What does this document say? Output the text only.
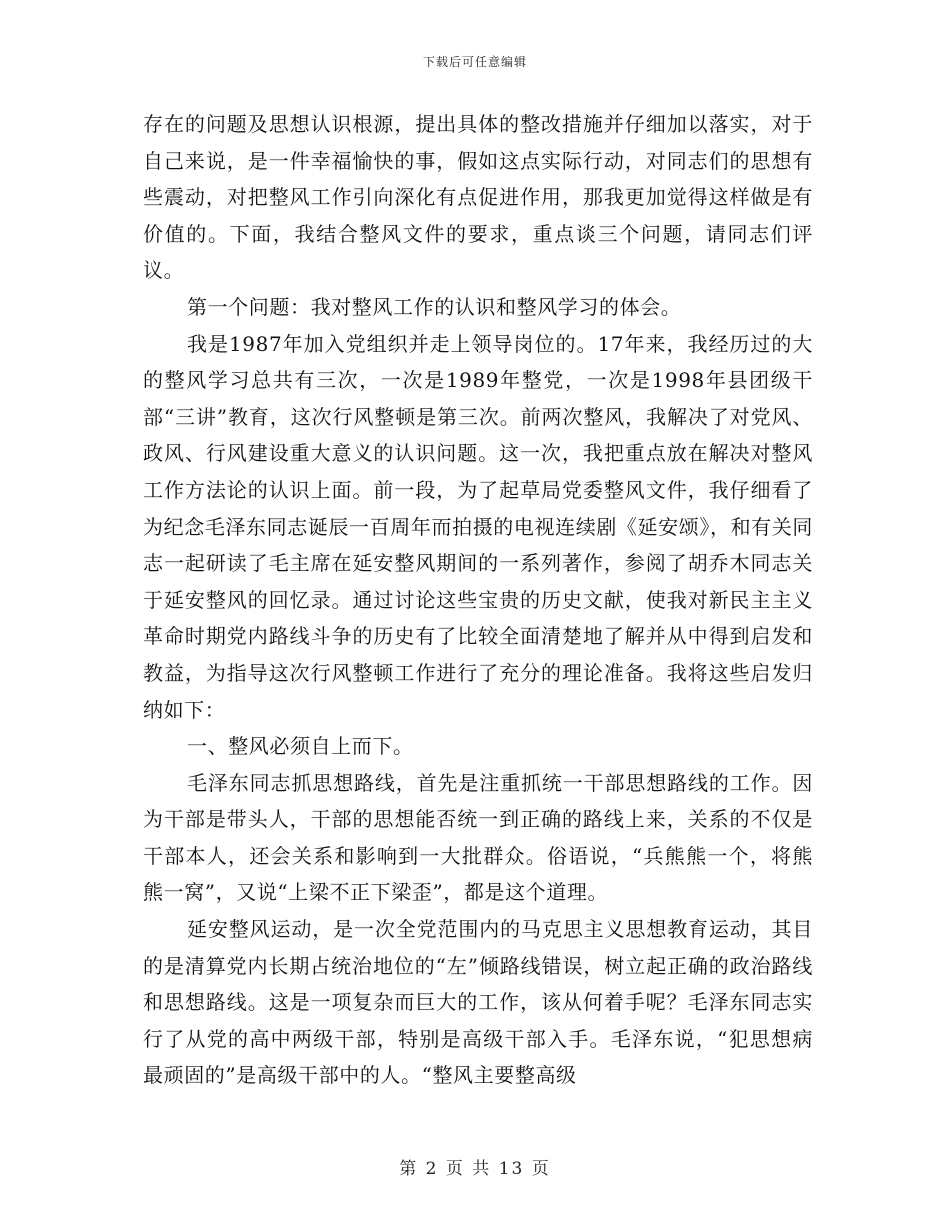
下载后可任意编辑

存在的问题及思想认识根源，提出具体的整改措施并仔细加以落实，对于自己来说，是一件幸福愉快的事，假如这点实际行动，对同志们的思想有些震动，对把整风工作引向深化有点促进作用，那我更加觉得这样做是有价值的。下面，我结合整风文件的要求，重点谈三个问题，请同志们评议。

第一个问题：我对整风工作的认识和整风学习的体会。

我是1987年加入党组织并走上领导岗位的。17年来，我经历过的大的整风学习总共有三次，一次是1989年整党，一次是1998年县团级干部“三讲”教育，这次行风整顿是第三次。前两次整风，我解决了对党风、政风、行风建设重大意义的认识问题。这一次，我把重点放在解决对整风工作方法论的认识上面。前一段，为了起草局党委整风文件，我仔细看了为纪念毛泽东同志诞辰一百周年而拍摄的电视连续剧《延安颂》，和有关同志一起研读了毛主席在延安整风期间的一系列著作，参阅了胡乔木同志关于延安整风的回忆录。通过讨论这些宝贵的历史文献，使我对新民主主义革命时期党内路线斗争的历史有了比较全面清楚地了解并从中得到启发和教益，为指导这次行风整顿工作进行了充分的理论准备。我将这些启发归纳如下：

一、整风必须自上而下。

毛泽东同志抓思想路线，首先是注重抓统一干部思想路线的工作。因为干部是带头人，干部的思想能否统一到正确的路线上来，关系的不仅是干部本人，还会关系和影响到一大批群众。俗语说，“兵熊熊一个，将熊熊一窝”，又说“上梁不正下梁歪”，都是这个道理。

延安整风运动，是一次全党范围内的马克思主义思想教育运动，其目的是清算党内长期占统治地位的“左”倾路线错误，树立起正确的政治路线和思想路线。这是一项复杂而巨大的工作，该从何着手呢？毛泽东同志实行了从党的高中两级干部，特别是高级干部入手。毛泽东说，“犯思想病最顽固的”是高级干部中的人。“整风主要整高级

第 2 页 共 13 页
